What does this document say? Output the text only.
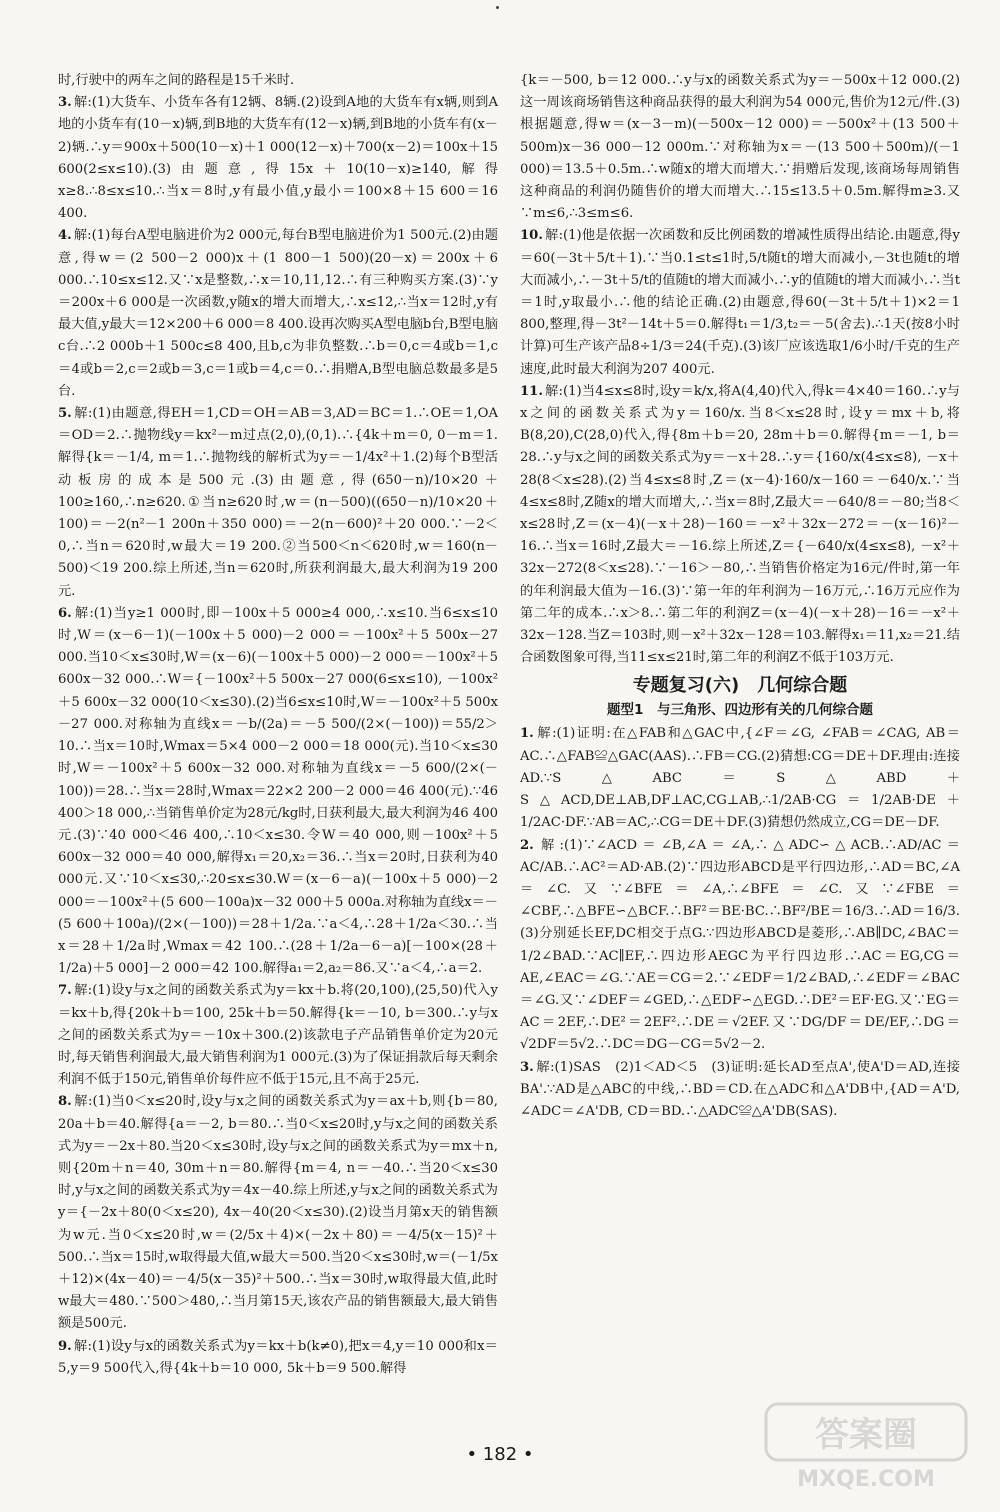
时,行驶中的两车之间的路程是15千米时.

3. 解:(1)大货车、小货车各有12辆、8辆.(2)设到A地的大货车有x辆,则到A地的小货车有(10－x)辆,到B地的大货车有(12－x)辆,到B地的小货车有(x－2)辆.∴y＝900x＋500(10－x)＋1 000(12－x)＋700(x－2)＝100x＋15 600(2≤x≤10).(3)由题意,得15x＋10(10－x)≥140,解得x≥8.∴8≤x≤10.∴当x＝8时,y有最小值,y最小＝100×8＋15 600＝16 400.

4. 解:(1)每台A型电脑进价为2 000元,每台B型电脑进价为1 500元.(2)由题意,得w＝(2 500－2 000)x＋(1 800－1 500)(20－x)＝200x＋6 000.∴10≤x≤12.又∵x是整数,∴x＝10,11,12.∴有三种购买方案.(3)∵y＝200x＋6 000是一次函数,y随x的增大而增大,∴x≤12,∴当x＝12时,y有最大值,y最大＝12×200＋6 000＝8 400.设再次购买A型电脑b台,B型电脑c台.∴2 000b＋1 500c≤8 400,且b,c为非负整数.∴b＝0,c＝4或b＝1,c＝4或b＝2,c＝2或b＝3,c＝1或b＝4,c＝0.∴捐赠A,B型电脑总数最多是5台.

5. 解:(1)由题意,得EH＝1,CD＝OH＝AB＝3,AD＝BC＝1.∴OE＝1,OA＝OD＝2.∴抛物线y＝kx²－m过点(2,0),(0,1).∴{4k＋m＝0, 0－m＝1.解得{k＝－1/4, m＝1.∴抛物线的解析式为y＝－1/4x²＋1.(2)每个B型活动板房的成本是500元.(3)由题意,得(650－n)/10×20＋100≥160,∴n≥620.①当n≥620时,w＝(n－500)((650－n)/10×20＋100)＝－2(n²－1 200n＋350 000)＝－2(n－600)²＋20 000.∵－2＜0,∴当n＝620时,w最大＝19 200.②当500＜n＜620时,w＝160(n－500)＜19 200.综上所述,当n＝620时,所获利润最大,最大利润为19 200元.

6. 解:(1)当y≥1 000时,即－100x＋5 000≥4 000,∴x≤10.当6≤x≤10时,W＝(x－6－1)(－100x＋5 000)－2 000＝－100x²＋5 500x－27 000.当10＜x≤30时,W＝(x－6)(－100x＋5 000)－2 000＝－100x²＋5 600x－32 000.∴W＝{－100x²＋5 500x－27 000(6≤x≤10), －100x²＋5 600x－32 000(10＜x≤30).(2)当6≤x≤10时,W＝－100x²＋5 500x－27 000.对称轴为直线x＝－b/(2a)＝－5 500/(2×(－100))＝55/2＞10.∴当x＝10时,Wmax＝5×4 000－2 000＝18 000(元).当10＜x≤30时,W＝－100x²＋5 600x－32 000.对称轴为直线x＝－5 600/(2×(－100))＝28.∴当x＝28时,Wmax＝22×2 200－2 000＝46 400(元).∵46 400＞18 000,∴当销售单价定为28元/kg时,日获利最大,最大利润为46 400元.(3)∵40 000＜46 400,∴10＜x≤30.令W＝40 000,则－100x²＋5 600x－32 000＝40 000,解得x₁＝20,x₂＝36.∴当x＝20时,日获利为40 000元.又∵10＜x≤30,∴20≤x≤30.W＝(x－6－a)(－100x＋5 000)－2 000＝－100x²＋(5 600－100a)x－32 000＋5 000a.对称轴为直线x＝－(5 600＋100a)/(2×(－100))＝28＋1/2a.∵a＜4,∴28＋1/2a＜30.∴当x＝28＋1/2a时,Wmax＝42 100.∴(28＋1/2a－6－a)[－100×(28＋1/2a)＋5 000]－2 000＝42 100.解得a₁＝2,a₂＝86.又∵a＜4,∴a＝2.

7. 解:(1)设y与x之间的函数关系式为y＝kx＋b.将(20,100),(25,50)代入y＝kx＋b,得{20k＋b＝100, 25k＋b＝50.解得{k＝－10, b＝300.∴y与x之间的函数关系式为y＝－10x＋300.(2)该款电子产品销售单价定为20元时,每天销售利润最大,最大销售利润为1 000元.(3)为了保证捐款后每天剩余利润不低于150元,销售单价每件应不低于15元,且不高于25元.

8. 解:(1)当0＜x≤20时,设y与x之间的函数关系式为y＝ax＋b,则{b＝80, 20a＋b＝40.解得{a＝－2, b＝80.∴当0＜x≤20时,y与x之间的函数关系式为y＝－2x＋80.当20＜x≤30时,设y与x之间的函数关系式为y＝mx＋n,则{20m＋n＝40, 30m＋n＝80.解得{m＝4, n＝－40.∴当20＜x≤30时,y与x之间的函数关系式为y＝4x－40.综上所述,y与x之间的函数关系式为y＝{－2x＋80(0＜x≤20), 4x－40(20＜x≤30).(2)设当月第x天的销售额为w元.当0＜x≤20时,w＝(2/5x＋4)×(－2x＋80)＝－4/5(x－15)²＋500.∴当x＝15时,w取得最大值,w最大＝500.当20＜x≤30时,w＝(－1/5x＋12)×(4x－40)＝－4/5(x－35)²＋500.∴当x＝30时,w取得最大值,此时w最大＝480.∵500＞480,∴当月第15天,该农产品的销售额最大,最大销售额是500元.

9. 解:(1)设y与x的函数关系式为y＝kx＋b(k≠0),把x＝4,y＝10 000和x＝5,y＝9 500代入,得{4k＋b＝10 000, 5k＋b＝9 500.解得

{k＝－500, b＝12 000.∴y与x的函数关系式为y＝－500x＋12 000.(2)这一周该商场销售这种商品获得的最大利润为54 000元,售价为12元/件.(3)根据题意,得w＝(x－3－m)(－500x－12 000)＝－500x²＋(13 500＋500m)x－36 000－12 000m.∵对称轴为x＝－(13 500＋500m)/(－1 000)＝13.5＋0.5m.∴w随x的增大而增大.∵捐赠后发现,该商场每周销售这种商品的利润仍随售价的增大而增大.∴15≤13.5＋0.5m.解得m≥3.又∵m≤6,∴3≤m≤6.

10. 解:(1)他是依据一次函数和反比例函数的增减性质得出结论.由题意,得y＝60(－3t＋5/t＋1).∵当0.1≤t≤1时,5/t随t的增大而减小,－3t也随t的增大而减小,∴－3t＋5/t的值随t的增大而减小.∴y的值随t的增大而减小.∴当t＝1时,y取最小.∴他的结论正确.(2)由题意,得60(－3t＋5/t＋1)×2＝1 800,整理,得－3t²－14t＋5＝0.解得t₁＝1/3,t₂＝－5(舍去).∴1天(按8小时计算)可生产该产品8÷1/3＝24(千克).(3)该厂应该选取1/6小时/千克的生产速度,此时最大利润为207 400元.

11. 解:(1)当4≤x≤8时,设y＝k/x,将A(4,40)代入,得k＝4×40＝160.∴y与x之间的函数关系式为y＝160/x.当8＜x≤28时,设y＝mx＋b,将B(8,20),C(28,0)代入,得{8m＋b＝20, 28m＋b＝0.解得{m＝－1, b＝28.∴y与x之间的函数关系式为y＝－x＋28.∴y＝{160/x(4≤x≤8), －x＋28(8＜x≤28).(2)当4≤x≤8时,Z＝(x－4)·160/x－160＝－640/x.∵当4≤x≤8时,Z随x的增大而增大,∴当x＝8时,Z最大＝－640/8＝－80;当8＜x≤28时,Z＝(x－4)(－x＋28)－160＝－x²＋32x－272＝－(x－16)²－16.∴当x＝16时,Z最大＝－16.综上所述,Z＝{－640/x(4≤x≤8), －x²＋32x－272(8＜x≤28).∵－16＞－80,∴当销售价格定为16元/件时,第一年的年利润最大值为－16.(3)∵第一年的年利润为－16万元,∴16万元应作为第二年的成本.∴x＞8.∴第二年的利润Z＝(x－4)(－x＋28)－16＝－x²＋32x－128.当Z＝103时,则－x²＋32x－128＝103.解得x₁＝11,x₂＝21.结合函数图象可得,当11≤x≤21时,第二年的利润Z不低于103万元.

专题复习(六)　几何综合题
题型1　与三角形、四边形有关的几何综合题

1. 解:(1)证明:在△FAB和△GAC中,{∠F＝∠G, ∠FAB＝∠CAG, AB＝AC.∴△FAB≌△GAC(AAS).∴FB＝CG.(2)猜想:CG＝DE＋DF.理由:连接AD.∵S△ABC＝S△ABD＋S△ACD,DE⊥AB,DF⊥AC,CG⊥AB,∴1/2AB·CG＝1/2AB·DE＋1/2AC·DF.∵AB＝AC,∴CG＝DE＋DF.(3)猜想仍然成立,CG＝DE－DF.

2. 解:(1)∵∠ACD＝∠B,∠A＝∠A,∴△ADC∽△ACB.∴AD/AC＝AC/AB.∴AC²＝AD·AB.(2)∵四边形ABCD是平行四边形,∴AD＝BC,∠A＝∠C.又∵∠BFE＝∠A,∴∠BFE＝∠C.又∵∠FBE＝∠CBF,∴△BFE∽△BCF.∴BF²＝BE·BC.∴BF²/BE＝16/3.∴AD＝16/3.(3)分别延长EF,DC相交于点G.∵四边形ABCD是菱形,∴AB∥DC,∠BAC＝1/2∠BAD.∵AC∥EF,∴四边形AEGC为平行四边形.∴AC＝EG,CG＝AE,∠EAC＝∠G.∵AE＝CG＝2.∵∠EDF＝1/2∠BAD,∴∠EDF＝∠BAC＝∠G.又∵∠DEF＝∠GED,∴△EDF∽△EGD.∴DE²＝EF·EG.又∵EG＝AC＝2EF,∴DE²＝2EF².∴DE＝√2EF.又∵DG/DF＝DE/EF,∴DG＝√2DF＝5√2.∴DC＝DG－CG＝5√2－2.

3. 解:(1)SAS　(2)1＜AD＜5　(3)证明:延长AD至点A',使A'D＝AD,连接BA'.∵AD是△ABC的中线,∴BD＝CD.在△ADC和△A'DB中,{AD＝A'D, ∠ADC＝∠A'DB, CD＝BD.∴△ADC≌△A'DB(SAS).

• 182 •	答案圈
MXQE.COM
